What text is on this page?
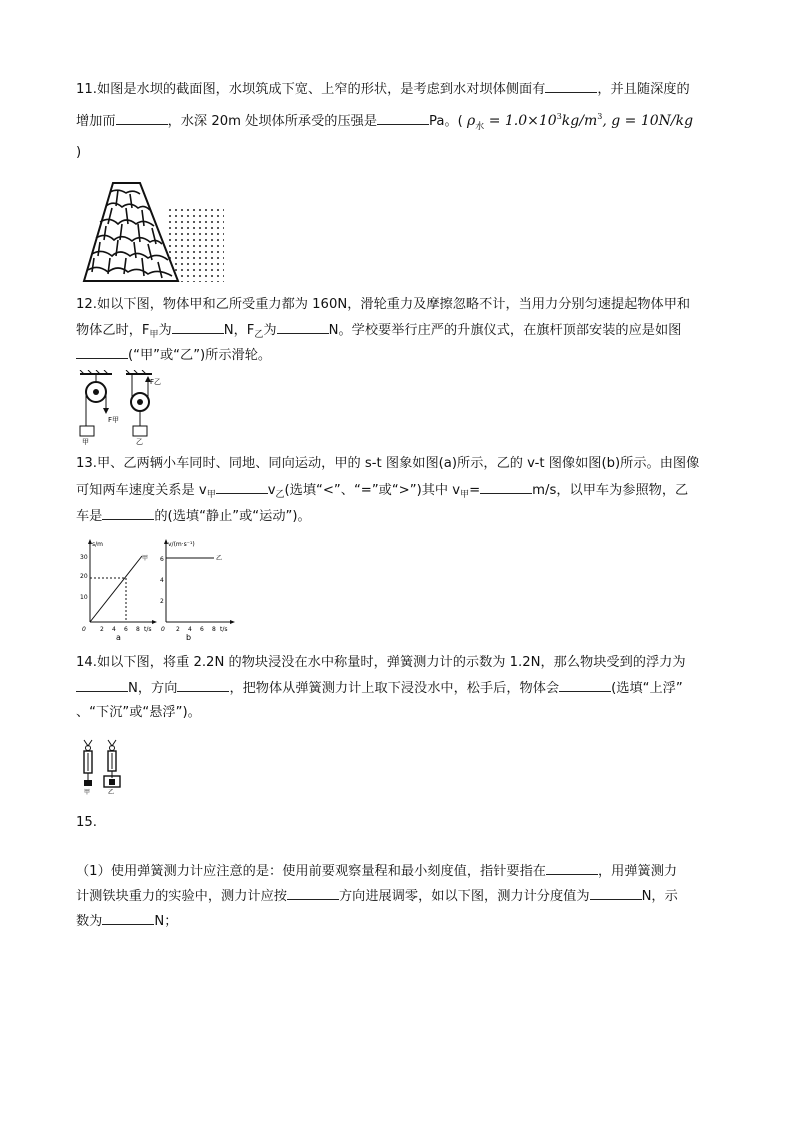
11.如图是水坝的截面图，水坝筑成下宽、上窄的形状，是考虑到水对坝体侧面有	，并且随深度的
增加而	，水深 20m 处坝体所承受的压强是	Pa。( $\rho_水 = 1.0\times 10^3kg/m^3$, g = 10N/kg
)
12.如以下图，物体甲和乙所受重力都为 160N，滑轮重力及摩擦忽略不计，当用力分别匀速提起物体甲和
物体乙时，$F_甲$为	N，$F_乙$为	N。学校要举行庄严的升旗仪式，在旗杆顶部安装的应是如图
(“甲”或“乙”)所示滑轮。
F甲
甲
F乙
乙
13.甲、乙两辆小车同时、同地、同向运动，甲的 s-t 图象如图(a)所示，乙的 v-t 图像如图(b)所示。由图像
可知两车速度关系是 $v_甲$	$v_乙$(选填“<”、“=”或“>”)其中 $v_甲=$	m/s，以甲车为参照物，乙
车是	的(选填“静止”或“运动”)。
s/m
30
20
10
甲
0 2 4 6 8 t/s
a
v/(m·s⁻¹)
6
4
2
乙
0 2 4 6 8 t/s
b
14.如以下图，将重 2.2N 的物块浸没在水中称量时，弹簧测力计的示数为 1.2N，那么物块受到的浮力为
N，方向	，把物体从弹簧测力计上取下浸没水中，松手后，物体会	(选填“上浮”
、“下沉”或“悬浮”)。
甲	乙
15.
（1）使用弹簧测力计应注意的是：使用前要观察量程和最小刻度值，指针要指在	，用弹簧测力
计测铁块重力的实验中，测力计应按	方向进展调零，如以下图，测力计分度值为	N，示
数为	N；
